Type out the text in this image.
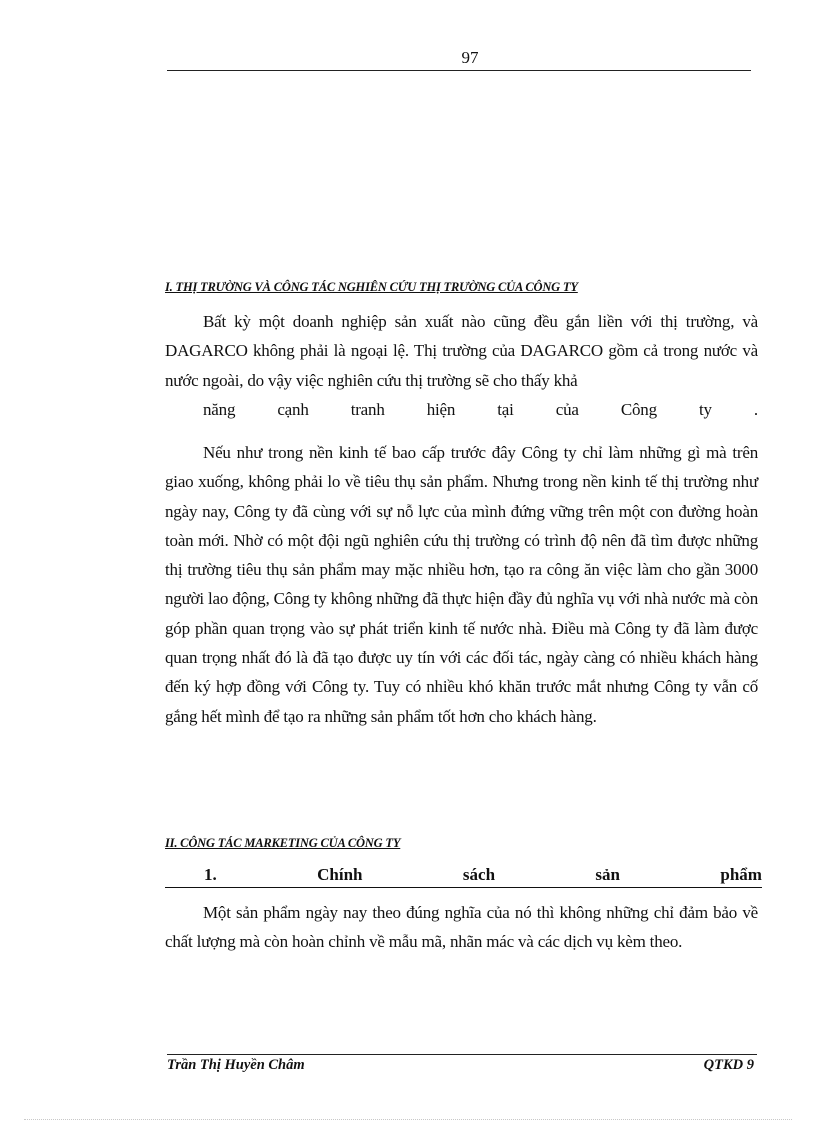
97
I. THỊ TRƯỜNG VÀ CÔNG TÁC NGHIÊN CỨU THỊ TRƯỜNG CỦA CÔNG TY
Bất kỳ một doanh nghiệp sản xuất nào cũng đều gắn liền với thị trường, và DAGARCO không phải là ngoại lệ. Thị trường của DAGARCO gồm cả trong nước và nước ngoài, do vậy việc nghiên cứu thị trường sẽ cho thấy khả
năng	cạnh	tranh	hiện	tại	của	Công	ty	.
Nếu như trong nền kinh tế bao cấp trước đây Công ty chỉ làm những gì mà trên giao xuống, không phải lo về tiêu thụ sản phẩm. Nhưng trong nền kinh tế thị trường như ngày nay, Công ty đã cùng với sự nỗ lực của mình đứng vững trên một con đường hoàn toàn mới. Nhờ có một đội ngũ nghiên cứu thị trường có trình độ nên đã tìm được những thị trường tiêu thụ sản phẩm may mặc nhiều hơn, tạo ra công ăn việc làm cho gần 3000 người lao động, Công ty không những đã thực hiện đầy đủ nghĩa vụ với nhà nước mà còn góp phần quan trọng vào sự phát triển kinh tế nước nhà. Điều mà Công ty đã làm được quan trọng nhất đó là đã tạo được uy tín với các đối tác, ngày càng có nhiều khách hàng đến ký hợp đồng với Công ty. Tuy có nhiều khó khăn trước mắt nhưng Công ty vẫn cố gắng hết mình để tạo ra những sản phẩm tốt hơn cho khách hàng.
II. CÔNG TÁC MARKETING CỦA CÔNG TY
1.	Chính	sách	sản	phẩm
Một sản phẩm ngày nay theo đúng nghĩa của nó thì không những chỉ đảm bảo về chất lượng mà còn hoàn chỉnh về mẫu mã, nhãn mác và các dịch vụ kèm theo.
Trần Thị Huyền Châm	QTKD 9
